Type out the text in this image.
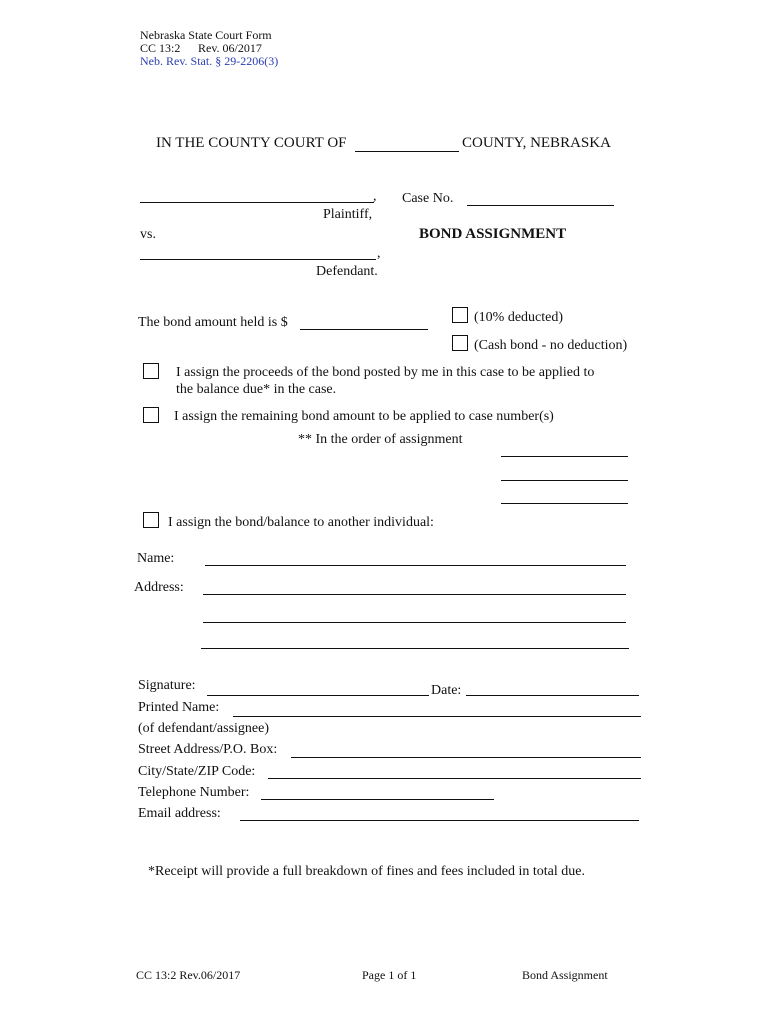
Nebraska State Court Form
CC 13:2 Rev. 06/2017
Neb. Rev. Stat. § 29-2206(3)
IN THE COUNTY COURT OF	COUNTY, NEBRASKA
,
Plaintiff,
vs.
,
Defendant.
Case No.
BOND ASSIGNMENT
The bond amount held is $	(10% deducted)
(Cash bond - no deduction)
I assign the proceeds of the bond posted by me in this case to be applied to
the balance due* in the case.
I assign the remaining bond amount to be applied to case number(s)
** In the order of assignment
I assign the bond/balance to another individual:
Name:
Address:
Signature:	Date:
Printed Name:
(of defendant/assignee)
Street Address/P.O. Box:
City/State/ZIP Code:
Telephone Number:
Email address:
*Receipt will provide a full breakdown of fines and fees included in total due.
CC 13:2 Rev.06/2017	Page 1 of 1	Bond Assignment
